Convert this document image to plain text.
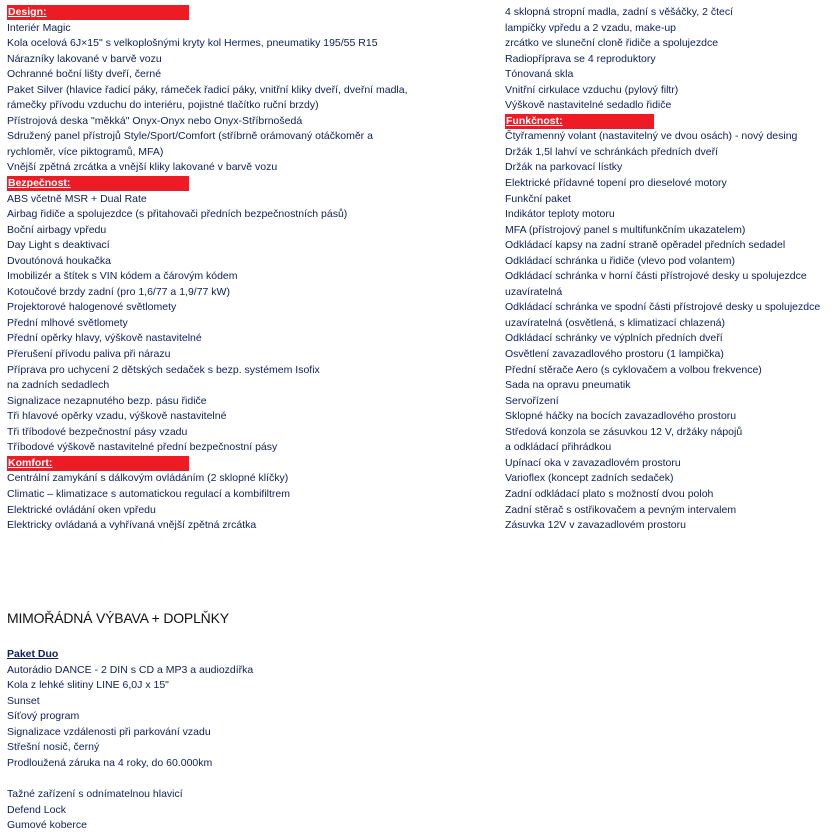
Design:
Interiér Magic
Kola ocelová 6J×15" s velkoplošnými kryty kol Hermes, pneumatiky 195/55 R15
Nárazníky lakované v barvě vozu
Ochranné boční lišty dveří, černé
Paket Silver (hlavice řadicí páky, rámeček řadicí páky, vnitřní kliky dveří, dveřní madla,
rámečky přívodu vzduchu do interiéru, pojistné tlačítko ruční brzdy)
Přístrojová deska "měkká" Onyx-Onyx nebo Onyx-Stříbrnošedá
Sdružený panel přístrojů Style/Sport/Comfort (stříbrně orámovaný otáčkoměr a
rychloměr, více piktogramů, MFA)
Vnější zpětná zrcátka a vnější kliky lakované v barvě vozu
Bezpečnost:
ABS včetně MSR + Dual Rate
Airbag řidiče a spolujezdce (s přitahovači předních bezpečnostních pásů)
Boční airbagy vpředu
Day Light s deaktivací
Dvoutónová houkačka
Imobilizér a štítek s VIN kódem a čárovým kódem
Kotoučové brzdy zadní (pro 1,6/77 a 1,9/77 kW)
Projektorové halogenové světlomety
Přední mlhové světlomety
Přední opěrky hlavy, výškově nastavitelné
Přerušení přívodu paliva při nárazu
Příprava pro uchycení 2 dětských sedaček s bezp. systémem Isofix
na zadních sedadlech
Signalizace nezapnutého bezp. pásu řidiče
Tři hlavové opěrky vzadu, výškově nastavitelné
Tři tříbodové bezpečnostní pásy vzadu
Tříbodové výškově nastavitelné přední bezpečnostní pásy
Komfort:
Centrální zamykání s dálkovým ovládáním (2 sklopné klíčky)
Climatic – klimatizace s automatickou regulací a kombifiltrem
Elektrické ovládání oken vpředu
Elektricky ovládaná a vyhřívaná vnější zpětná zrcátka
4 sklopná stropní madla, zadní s věšáčky, 2 čtecí
lampičky vpředu a 2 vzadu, make-up
zrcátko ve sluneční cloně řidiče a spolujezdce
Radiopříprava se 4 reproduktory
Tónovaná skla
Vnitřní cirkulace vzduchu (pylový filtr)
Výškově nastavitelné sedadlo řidiče
Funkčnost:
Čtyřramenný volant (nastavitelný ve dvou osách) - nový desing
Držák 1,5l lahví ve schránkách předních dveří
Držák na parkovací lístky
Elektrické přídavné topení pro dieselové motory
Funkční paket
Indikátor teploty motoru
MFA (přístrojový panel s multifunkčním ukazatelem)
Odkládací kapsy na zadní straně opěradel předních sedadel
Odkládací schránka u řidiče (vlevo pod volantem)
Odkládací schránka v horní části přístrojové desky u spolujezdce
uzavíratelná
Odkládací schránka ve spodní části přístrojové desky u spolujezdce
uzavíratelná (osvětlená, s klimatizací chlazená)
Odkládací schránky ve výplních předních dveří
Osvětlení zavazadlového prostoru (1 lampička)
Přední stěrače Aero (s cyklovačem a volbou frekvence)
Sada na opravu pneumatik
Servořízení
Sklopné háčky na bocích zavazadlového prostoru
Středová konzola se zásuvkou 12 V, držáky nápojů
a odkládací přihrádkou
Upínací oka v zavazadlovém prostoru
Varioflex (koncept zadních sedaček)
Zadní odkládací plato s možností dvou poloh
Zadní stěrač s ostřikovačem a pevným intervalem
Zásuvka 12V v zavazadlovém prostoru
MIMOŘÁDNÁ VÝBAVA + DOPLŇKY
Paket Duo
Autorádio DANCE - 2 DIN s CD a MP3 a audiozdířka
Kola z lehké slitiny LINE 6,0J x 15"
Sunset
Síťový program
Signalizace vzdálenosti při parkování vzadu
Střešní nosič, černý
Prodloužená záruka na 4 roky, do 60.000km
Tažné zařízení s odnímatelnou hlavicí
Defend Lock
Gumové koberce
